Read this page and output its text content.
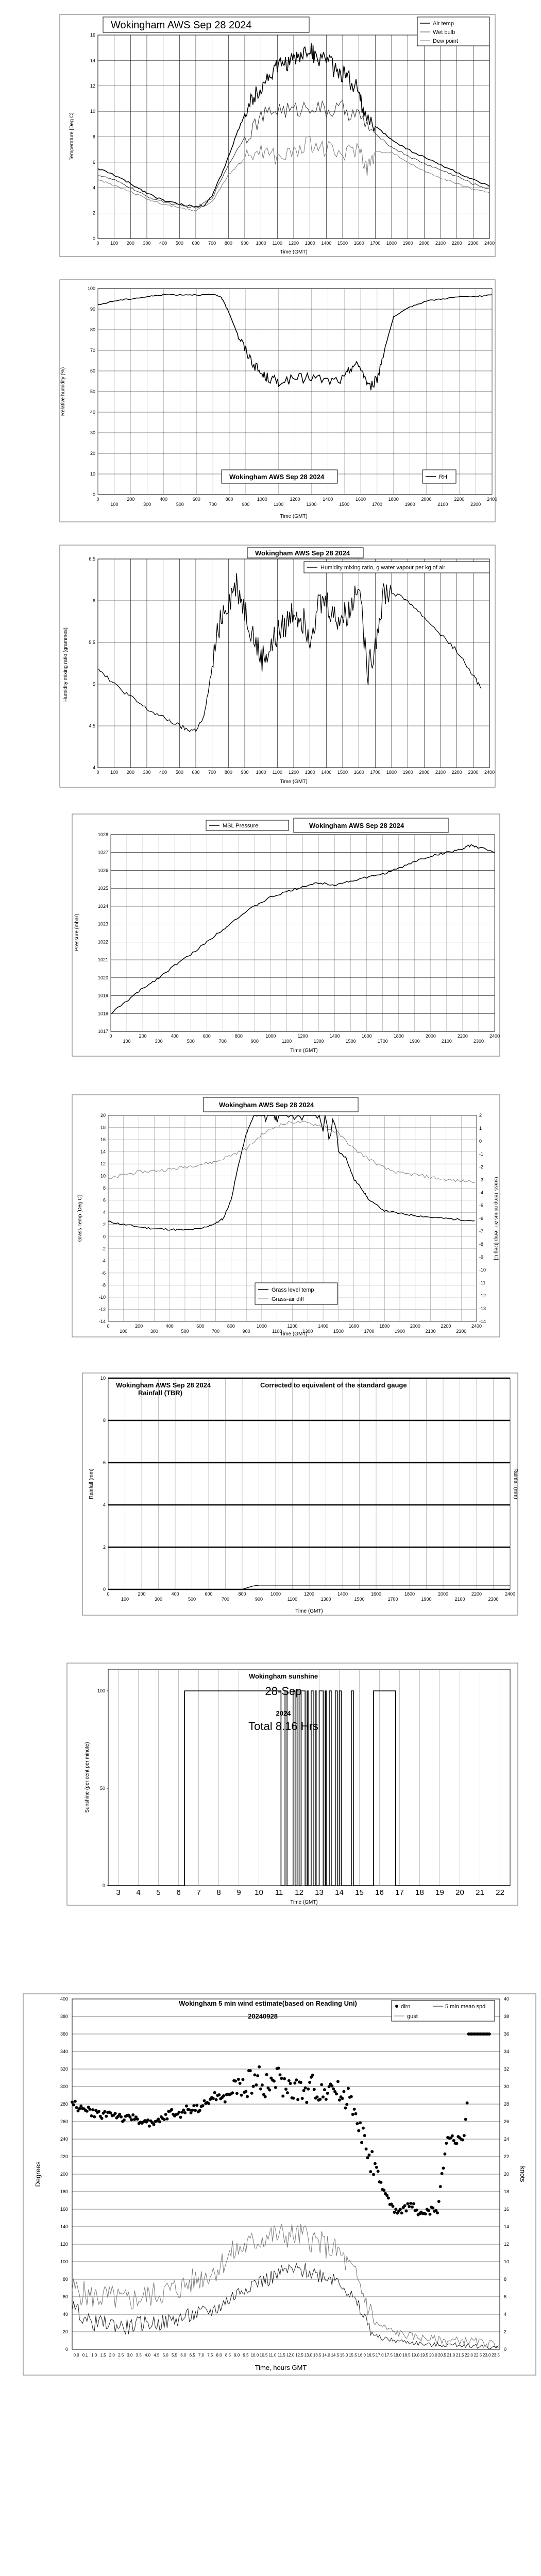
0
2
4
6
8
10
12
14
16
0 100 200 300 400 500 600 700 800 900 1000 1100 1200 1300 1400 1500 1600 1700 1800 1900 2000 2100 2200 2300 2400
Wokingham AWS Sep 28 2024
Temperature [Deg C]
Time (GMT)
Air temp
Wet bulb
Dew point
0
10
20
30
40
50
60
70
80
90
100
0	200	400	600	800	1000	1200	1400	1600	1800	2000	2200	2400
100	300	500	700	900	1100	1300	1500	1700	1900	2100	2300
Relative humidity (%)
Time (GMT)
Wokingham AWS Sep 28 2024	RH
4
4.5
5
5.5
6
6.5
0 100 200 300 400 500 600 700 800 900 1000 1100 1200 1300 1400 1500 1600 1700 1800 1900 2000 2100 2200 2300 2400
Wokingham AWS Sep 28 2024
Humidity mixing ratio, g water vapour per kg of air
Humidity mixing ratio (grammes)
Time (GMT)
1017
1018
1019
1020
1021
1022
1023
1024
1025
1026
1027
1028
0	200	400	600	800	1000	1200	1400	1600	1800	2000	2200	2400
100	300	500	700	900	1100	1300	1500	1700	1900	2100	2300
MSL Pressure	Wokingham AWS Sep 28 2024
Pressure (mbar)
Time (GMT)
20
18
16
14
12
10
8
6
4
2
0
-2
-4
-6
-8
-10
-12
-14
2
1
0
-1
-2
-3
-4
-5
-6
-7
-8
-9
-10
-11
-12
-13
-14
0	200	400	600	800	1000	1200	1400	1600	1800	2000	2200	2400
100	300	500	700	900	1100	1300	1500	1700	1900	2100	2300
Wokingham AWS Sep 28 2024
Grass level temp
Grass-air diff
Grass Temp [Deg C]	Grass Temp minus Air Temp [Deg C]
Time (GMT)
0
2
4
6
8
10
0	200	400	600	800	1000	1200	1400	1600	1800	2000	2200	2400
100	300	500	700	900	1100	1300	1500	1700	1900	2100	2300
Wokingham AWS Sep 28 2024
Rainfall (TBR)
Corrected to equivalent of the standard gauge
Rainfall (mm)	Rainfall (mm)
Time (GMT)
0
50
100
3 4 5 6 7 8 9 10 11 12 13 14 15 16 17 18 19 20 21 22
Wokingham sunshine
28-Sep
2024
Total 8.16 Hrs
Sunshine (per cent per minute)
Time (GMT)
0
20
40
60
80
100
120
140
160
180
200
220
240
260
280
300
320
340
360
380
400
0
2
4
6
8
10
12
14
16
18
20
22
24
26
28
30
32
34
36
38
40
0.0 0.1 1.0 1.5 2.0 2.5 3.0 3.5 4.0 4.5 5.0 5.5 6.0 6.5 7.0 7.5 8.0 8.5 9.0 9.5 10.0 10.5 11.0 11.5 12.0 12.5 13.0 13.5 14.0 14.5 15.0 15.5 16.0 16.5 17.0 17.5 18.0 18.5 19.0 19.5 20.0 20.5 21.0 21.5 22.0 22.5 23.0 23.5
Wokingham 5 min wind estimate(based on Reading Uni)
20240928
dirn	5 min mean spd
gust
Degrees	knots
Time, hours GMT
